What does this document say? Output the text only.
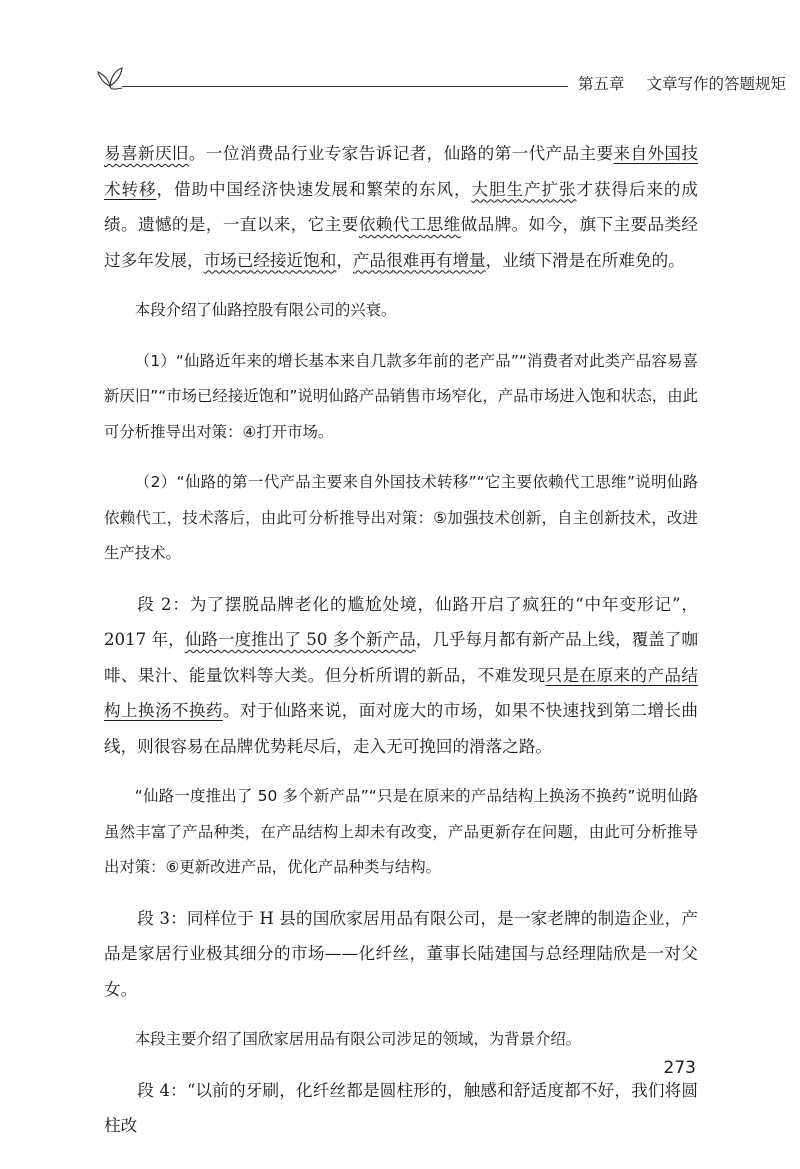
第五章 文章写作的答题规矩

易喜新厌旧。一位消费品行业专家告诉记者，仙路的第一代产品主要来自外国技术转移，借助中国经济快速发展和繁荣的东风，大胆生产扩张才获得后来的成绩。遗憾的是，一直以来，它主要依赖代工思维做品牌。如今，旗下主要品类经过多年发展，市场已经接近饱和，产品很难再有增量，业绩下滑是在所难免的。

本段介绍了仙路控股有限公司的兴衰。

（1）“仙路近年来的增长基本来自几款多年前的老产品”“消费者对此类产品容易喜新厌旧”“市场已经接近饱和”说明仙路产品销售市场窄化，产品市场进入饱和状态，由此可分析推导出对策：④打开市场。

（2）“仙路的第一代产品主要来自外国技术转移”“它主要依赖代工思维”说明仙路依赖代工，技术落后，由此可分析推导出对策：⑤加强技术创新，自主创新技术，改进生产技术。

段 2：为了摆脱品牌老化的尴尬处境，仙路开启了疯狂的“中年变形记”，2017 年，仙路一度推出了 50 多个新产品，几乎每月都有新产品上线，覆盖了咖啡、果汁、能量饮料等大类。但分析所谓的新品，不难发现只是在原来的产品结构上换汤不换药。对于仙路来说，面对庞大的市场，如果不快速找到第二增长曲线，则很容易在品牌优势耗尽后，走入无可挽回的滑落之路。

“仙路一度推出了 50 多个新产品”“只是在原来的产品结构上换汤不换药”说明仙路虽然丰富了产品种类，在产品结构上却未有改变，产品更新存在问题，由此可分析推导出对策：⑥更新改进产品，优化产品种类与结构。

段 3：同样位于 H 县的国欣家居用品有限公司，是一家老牌的制造企业，产品是家居行业极其细分的市场——化纤丝，董事长陆建国与总经理陆欣是一对父女。

本段主要介绍了国欣家居用品有限公司涉足的领域，为背景介绍。

段 4：“以前的牙刷，化纤丝都是圆柱形的，触感和舒适度都不好，我们将圆柱改

273
